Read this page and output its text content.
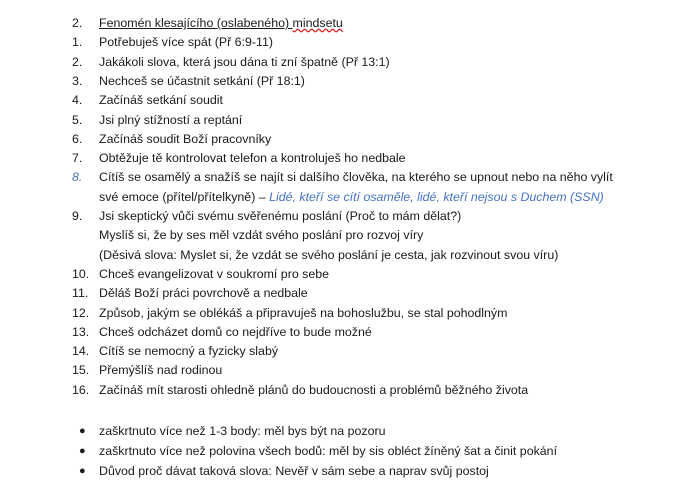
2.	Fenomén klesajícího (oslabeného) mindsetu
1.	Potřebuješ více spát (Př 6:9-11)
2.	Jakákoli slova, která jsou dána ti zní špatně (Př 13:1)
3.	Nechceš se účastnit setkání (Př 18:1)
4.	Začínáš setkání soudit
5.	Jsi plný stížností a reptání
6.	Začínáš soudit Boží pracovníky
7.	Obtěžuje tě kontrolovat telefon a kontroluješ ho nedbale
8.	Cítíš se osamělý a snažíš se najít si dalšího člověka, na kterého se upnout nebo na něho vylít
své emoce (přítel/přítelkyně) – Lidé, kteří se cítí osaměle, lidé, kteří nejsou s Duchem (SSN)
9.	Jsi skeptický vůči svému svěřenému poslání (Proč to mám dělat?)
Myslíš si, že by ses měl vzdát svého poslání pro rozvoj víry
(Děsivá slova: Myslet si, že vzdát se svého poslání je cesta, jak rozvinout svou víru)
10. Chceš evangelizovat v soukromí pro sebe
11. Děláš Boží práci povrchově a nedbale
12. Způsob, jakým se oblékáš a připravuješ na bohoslužbu, se stal pohodlným
13. Chceš odcházet domů co nejdříve to bude možné
14. Cítíš se nemocný a fyzicky slabý
15. Přemýšlíš nad rodinou
16. Začínáš mít starosti ohledně plánů do budoucnosti a problémů běžného života
● zaškrtnuto více než 1-3 body: měl bys být na pozoru
● zaškrtnuto více než polovina všech bodů: měl by sis obléct žíněný šat a činit pokání
● Důvod proč dávat taková slova: Nevěř v sám sebe a naprav svůj postoj
